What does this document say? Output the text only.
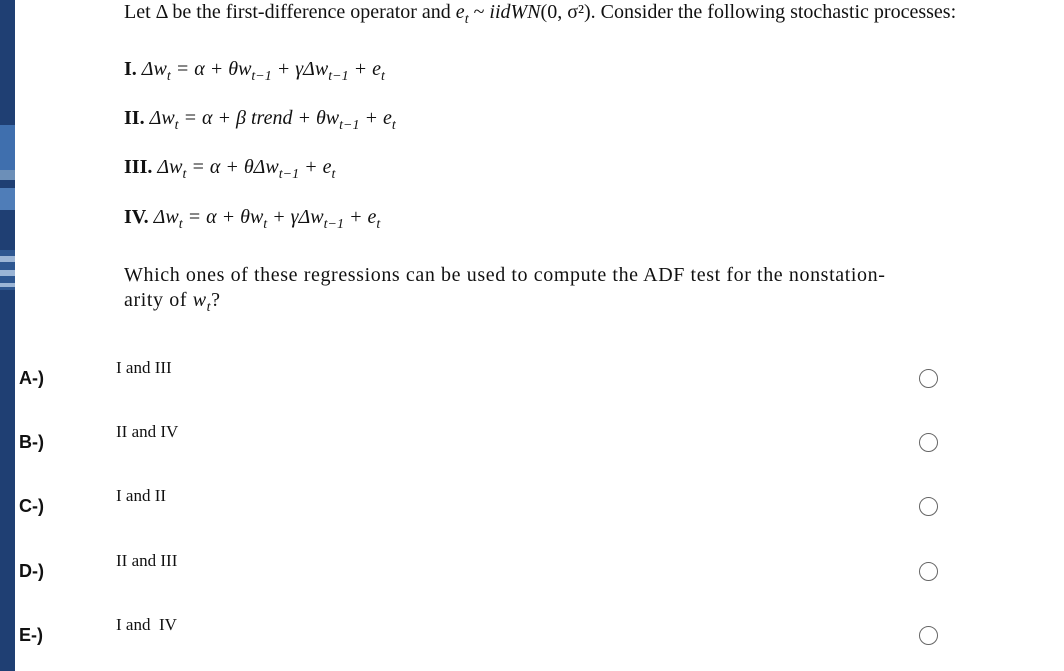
Let Δ be the first-difference operator and $e_t$ ~ iidWN(0, σ²). Consider the following stochastic processes:
I. $\Delta w_t = \alpha + \theta w_{t-1} + \gamma\Delta w_{t-1} + e_t$
II. $\Delta w_t = \alpha + \beta$ trend + $\theta w_{t-1} + e_t$
III. $\Delta w_t = \alpha + \theta\Delta w_{t-1} + e_t$
IV. $\Delta w_t = \alpha + \theta w_t + \gamma\Delta w_{t-1} + e_t$
Which ones of these regressions can be used to compute the ADF test for the nonstation-
arity of $w_t$?
A-)
I and III
B-)
II and IV
C-)
I and II
D-)
II and III
E-)
I and  IV
